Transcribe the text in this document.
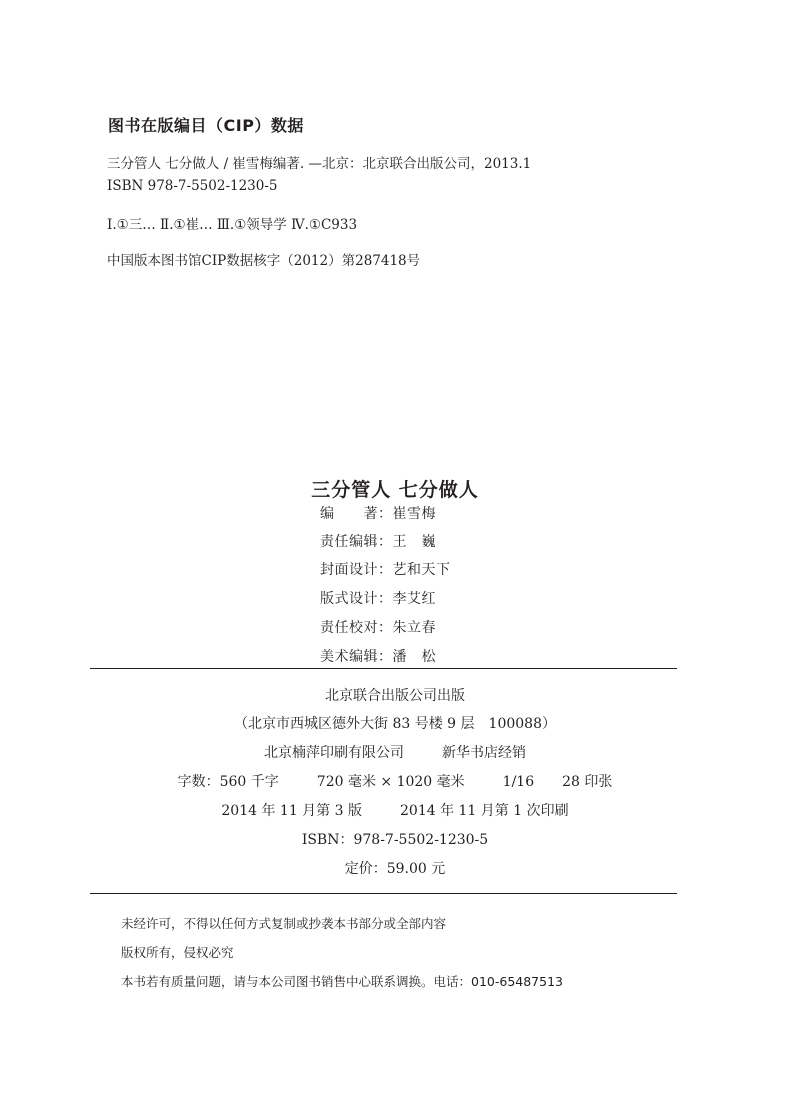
图书在版编目（CIP）数据
三分管人 七分做人 / 崔雪梅编著. —北京：北京联合出版公司，2013.1
ISBN 978-7-5502-1230-5
I.①三… Ⅱ.①崔… Ⅲ.①领导学 Ⅳ.①C933
中国版本图书馆CIP数据核字（2012）第287418号
三分管人 七分做人
编　　著：崔雪梅
责任编辑：王　巍
封面设计：艺和天下
版式设计：李艾红
责任校对：朱立春
美术编辑：潘　松
北京联合出版公司出版
（北京市西城区德外大街 83 号楼 9 层　100088）
北京楠萍印刷有限公司	新华书店经销
字数：560 千字	720 毫米 × 1020 毫米	1/16 28 印张
2014 年 11 月第 3 版	2014 年 11 月第 1 次印刷
ISBN：978-7-5502-1230-5
定价：59.00 元
未经许可，不得以任何方式复制或抄袭本书部分或全部内容
版权所有，侵权必究
本书若有质量问题，请与本公司图书销售中心联系调换。电话：010-65487513
